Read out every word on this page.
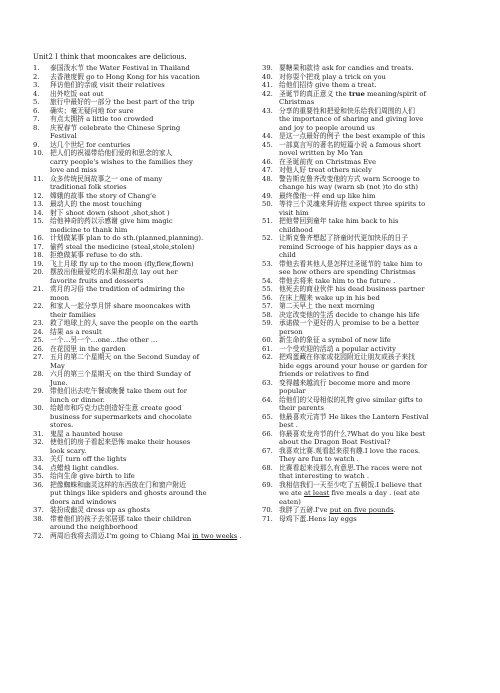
Unit2 I think that mooncakes are delicious.
1. 泰国泼水节 the Water Festival in Thailand
2. 去香港度假 go to Hong Kong for his vacation
3. 拜访他们的亲戚 visit their relatives
4. 出外吃饭 eat out
5. 旅行中最好的一部分 the best part of the trip
6. 确实；毫无疑问地 for sure
7. 有点太拥挤 a little too crowded
8. 庆祝春节 celebrate the Chinese Spring
Festival
9. 达几个世纪 for centuries
10. 把人们的祝福带给他们爱的和思念的家人
carry people's wishes to the families they
love and miss
11. 众多传统民间故事之一 one of many
traditional folk stories
12. 嫦娥的故事 the story of Chang'e
13. 最动人的 the most touching
14. 射下 shoot down (shoot ,shot,shot )
15. 给他神奇的药以示感谢 give him magic
medicine to thank him
16. 计划做某事 plan to do sth.(planned,planning).
17. 偷药 steal the medicine (steal,stole,stolen)
18. 拒绝做某事 refuse to do sth.
19. 飞上月球 fly up to the moon (fly,flew,flown)
20. 摆放出他最爱吃的水果和甜点 lay out her
favorite fruits and desserts
21. 赏月的习俗 the tradition of admiring the
moon
22. 和家人一起分享月饼 share mooncakes with
their families
23. 救了地球上的人 save the people on the earth
24. 结果 as a result
25. 一个…另一个…one…the other …
26. 在花园里 in the garden
27. 五月的第二个星期天 on the Second Sunday of
May
28. 六月的第三个星期天 on the third Sunday of
June.
29. 带他们出去吃午餐或晚餐 take them out for
lunch or dinner.
30. 给超市和巧克力店创造好生意 create good
business for supermarkets and chocolate
stores.
31. 鬼屋 a haunted house
32. 使他们的房子看起来恐怖 make their houses
look scary.
33. 关灯 turn off the lights
34. 点蜡烛 light candles.
35. 给向生命 give birth to life
36. 把像蜘蛛和幽灵这样的东西放在门和窗户附近
put things like spiders and ghosts around the
doors and windows
37. 装扮成幽灵 dress up as ghosts
38. 带着他们的孩子去邻居那 take their children
around the neighborhood
72. 两周后我将去清迈.I'm going to Chiang Mai in two weeks .
39. 要糖果和款待 ask for candies and treats.
40. 对你耍个把戏 play a trick on you
41. 给他们招待 give them a treat.
42. 圣诞节的真正意义 the true meaning/spirit of
Christmas
43. 分享的重要性和把爱和快乐给我们周围的人们
the importance of sharing and giving love
and joy to people around us
44. 是这一点最好的例子 the best example of this
45. 一部莫言写的著名的短篇小说 a famous short
novel written by Mo Yan
46. 在圣诞前夜 on Christmas Eve
47. 对他人好 treat others nicely
48. 警告斯克鲁齐改变他的方式 warn Scrooge to
change his way (warn sb (not )to do sth)
49. 最终像他一样 end up like him
50. 等待三个灵魂来拜访他 expect three spirits to
visit him
51. 把他带回到童年 take him back to his
childhood
52. 让斯克鲁齐想起了挤童时代更加快乐的日子
remind Scrooge of his happier days as a
child
53. 带他去看其他人是怎样过圣诞节的 take him to
see how others are spending Christmas
54. 带他去将来 take him to the future .
55. 他死去的商业伙伴 his dead business partner
56. 在床上醒来 wake up in his bed
57. 第二天早上 the next morning
58. 决定改变他的生活 decide to change his life
59. 承诺做一个更好的人 promise to be a better
person
60. 新生命的象征 a symbol of new life
61. 一个受欢迎的活动 a popular activity
62. 把鸡蛋藏在你家或花园附近让朋友或孩子来找
hide eggs around your house or garden for
friends or relatives to find
63. 变得越来越流行 become more and more
popular
64. 给他们的父母相似的礼物 give similar gifts to
their parents
65. 他最喜欢元宵节 He likes the Lantern Festival
best .
66. 你最喜欢龙舟节的什么?What do you like best
about the Dragon Boat Festival?
67. 我喜欢比赛.观看起来很有趣.I love the races.
They are fun to watch .
68. 比赛看起来没那么有意思.The races were not
that interesting to watch .
69. 我相信我们一天至少吃了五顿饭.I believe that
we ate at least five meals a day . (eat ate
eaten)
70. 我胖了五磅.I've put on five pounds.
71. 母鸡下蛋.Hens lay eggs
